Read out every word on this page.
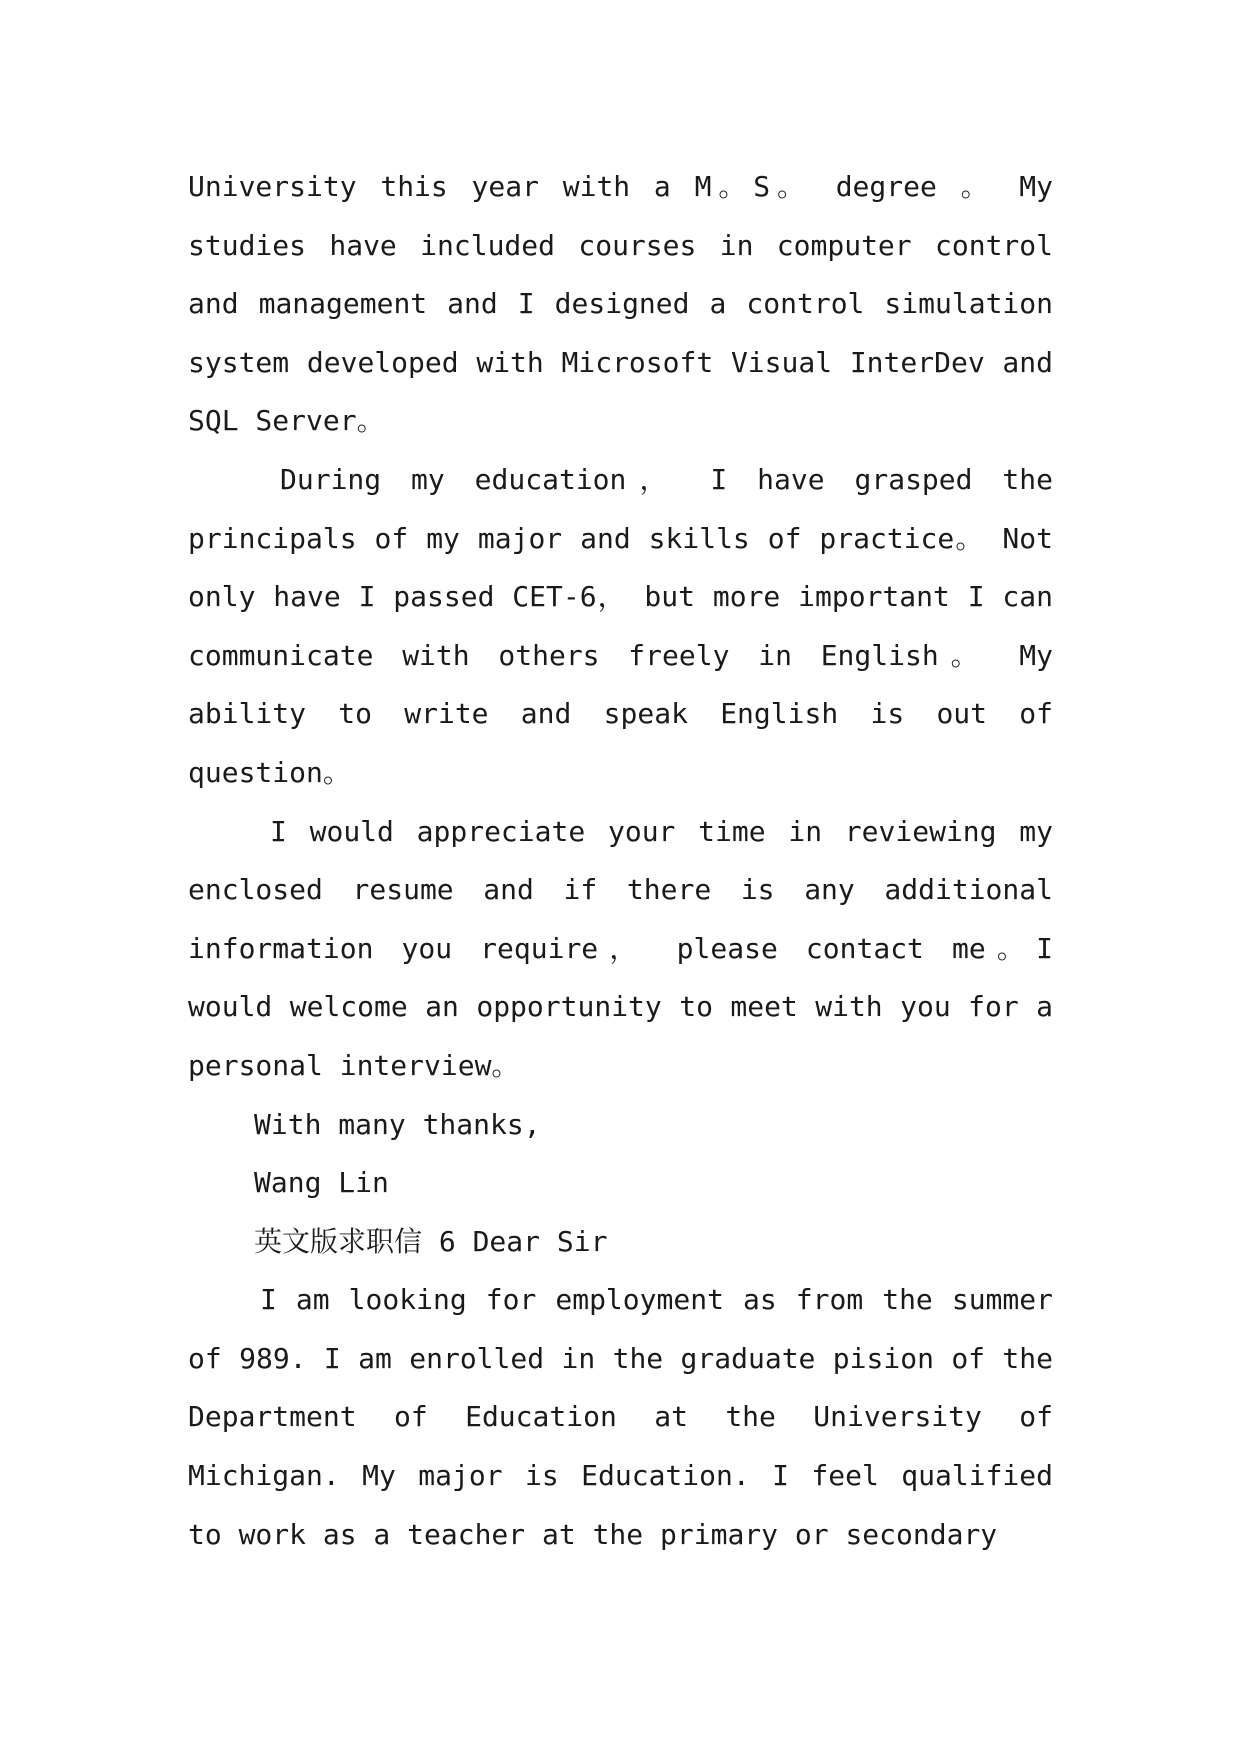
University this year with a M。S。 degree 。 My studies have included courses in computer control and management and I designed a control simulation system developed with Microsoft Visual InterDev and SQL Server。

During my education， I have grasped the principals of my major and skills of practice。 Not only have I passed CET-6， but more important I can communicate with others freely in English。 My ability to write and speak English is out of question。

I would appreciate your time in reviewing my enclosed resume and if there is any additional information you require， please contact me。I would welcome an opportunity to meet with you for a personal interview。

With many thanks,

Wang Lin

英文版求职信 6 Dear Sir

I am looking for employment as from the summer of 989. I am enrolled in the graduate pision of the Department of Education at the University of Michigan. My major is Education. I feel qualified to work as a teacher at the primary or secondary
